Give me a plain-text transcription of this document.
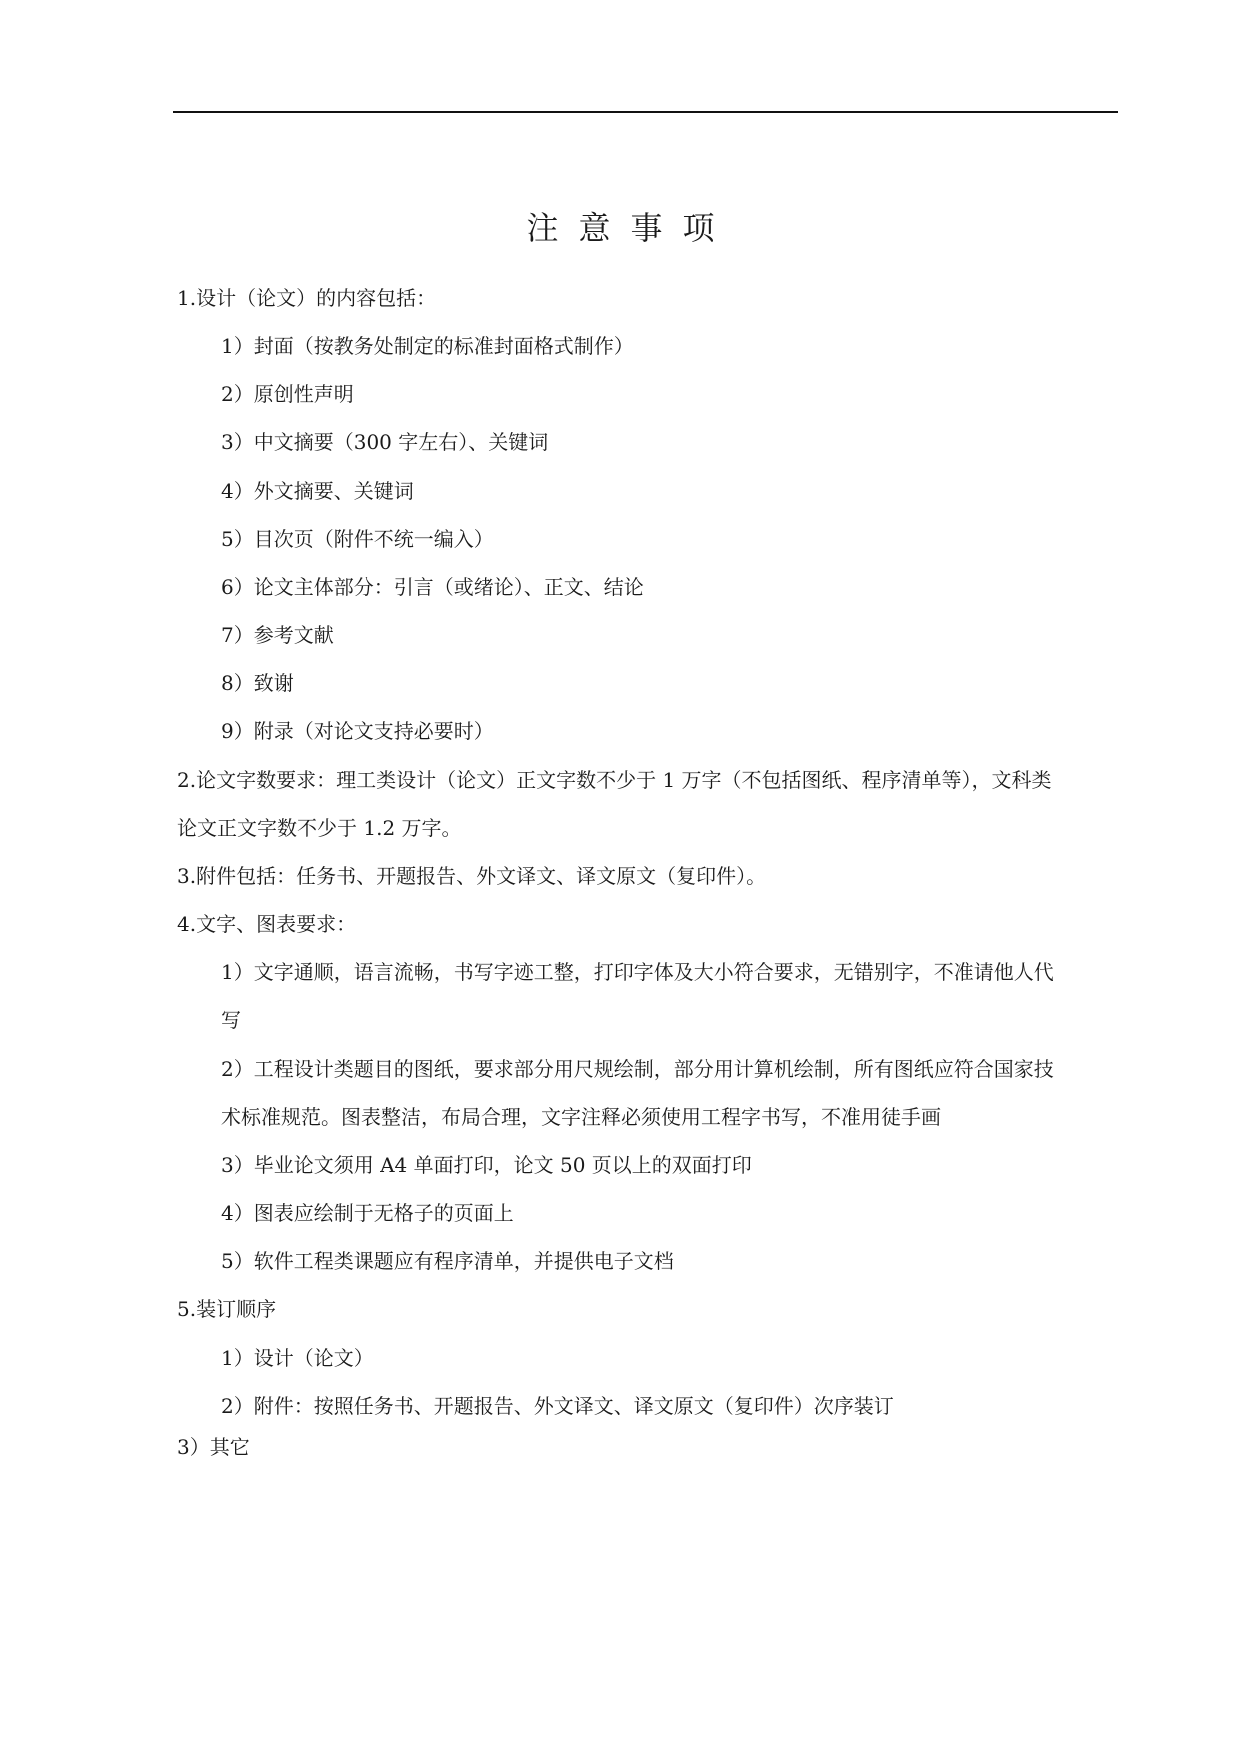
注意事项
1.设计（论文）的内容包括：
1）封面（按教务处制定的标准封面格式制作）
2）原创性声明
3）中文摘要（300 字左右）、关键词
4）外文摘要、关键词
5）目次页（附件不统一编入）
6）论文主体部分：引言（或绪论）、正文、结论
7）参考文献
8）致谢
9）附录（对论文支持必要时）
2.论文字数要求：理工类设计（论文）正文字数不少于 1 万字（不包括图纸、程序清单等），文科类
论文正文字数不少于 1.2 万字。
3.附件包括：任务书、开题报告、外文译文、译文原文（复印件）。
4.文字、图表要求：
1）文字通顺，语言流畅，书写字迹工整，打印字体及大小符合要求，无错别字，不准请他人代
写
2）工程设计类题目的图纸，要求部分用尺规绘制，部分用计算机绘制，所有图纸应符合国家技
术标准规范。图表整洁，布局合理，文字注释必须使用工程字书写，不准用徒手画
3）毕业论文须用 A4 单面打印，论文 50 页以上的双面打印
4）图表应绘制于无格子的页面上
5）软件工程类课题应有程序清单，并提供电子文档
5.装订顺序
1）设计（论文）
2）附件：按照任务书、开题报告、外文译文、译文原文（复印件）次序装订
3）其它
